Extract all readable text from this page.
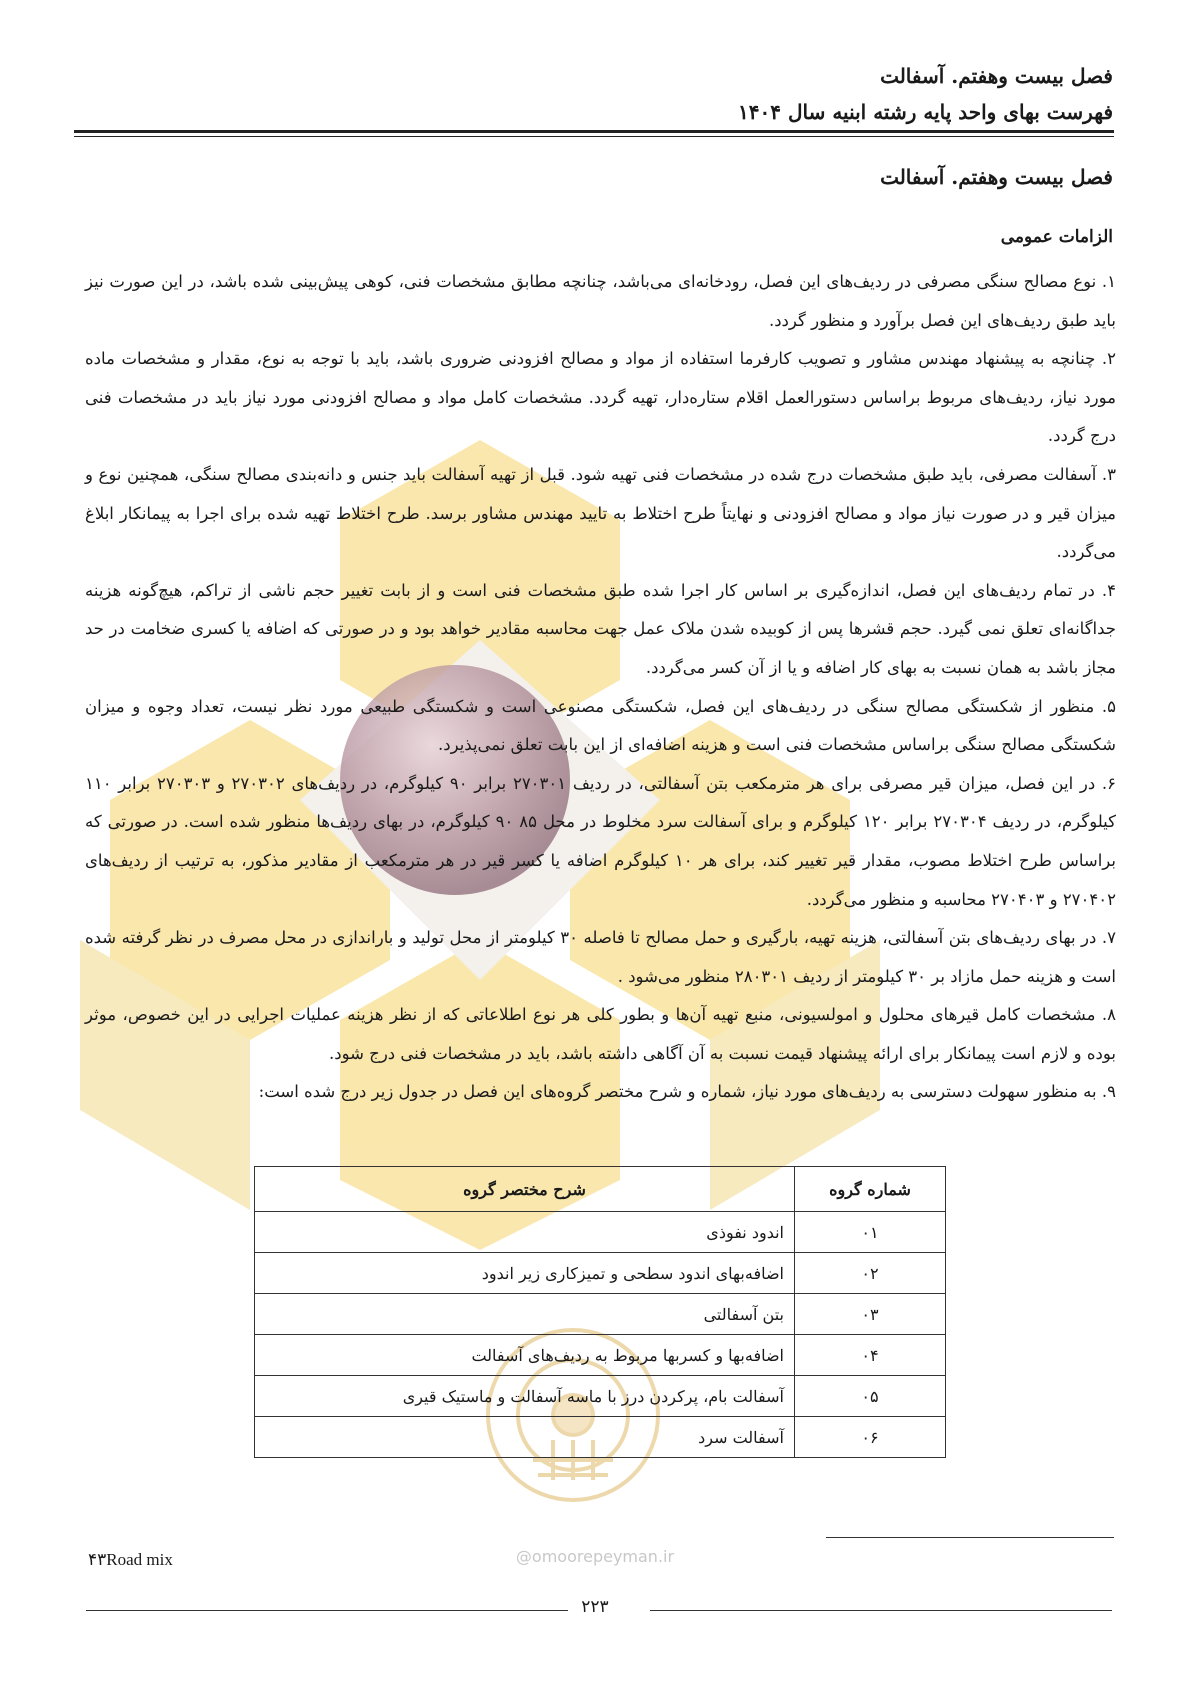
@omoorepeyman.ir
فصل بیست وهفتم. آسفالت
فهرست بهای واحد پایه رشته ابنیه سال ۱۴۰۴
فصل بیست وهفتم. آسفالت
الزامات عمومی

۱. نوع مصالح سنگی مصرفی در ردیف‌های این فصل، رودخانه‌ای می‌باشد، چنانچه مطابق مشخصات فنی، کوهی پیش‌بینی شده باشد، در این صورت نیز باید طبق ردیف‌های این فصل برآورد و منظور گردد.

۲. چنانچه به پیشنهاد مهندس مشاور و تصویب کارفرما استفاده از مواد و مصالح افزودنی ضروری باشد، باید با توجه به نوع، مقدار و مشخصات ماده مورد نیاز، ردیف‌های مربوط براساس دستورالعمل اقلام ستاره‌دار، تهیه گردد. مشخصات کامل مواد و مصالح افزودنی مورد نیاز باید در مشخصات فنی درج گردد.

۳. آسفالت مصرفی، باید طبق مشخصات درج شده در مشخصات فنی تهیه شود. قبل از تهیه آسفالت باید جنس و دانه‌بندی مصالح سنگی، همچنین نوع و میزان قیر و در صورت نیاز مواد و مصالح افزودنی و نهایتاً طرح اختلاط به تایید مهندس مشاور برسد. طرح اختلاط تهیه شده برای اجرا به پیمانکار ابلاغ می‌گردد.

۴. در تمام ردیف‌های این فصل، اندازه‌گیری بر اساس کار اجرا شده طبق مشخصات فنی است و از بابت تغییر حجم ناشی از تراکم، هیچ‌گونه هزینه جداگانه‌ای تعلق نمی گیرد. حجم قشرها پس از کوبیده شدن ملاک عمل جهت محاسبه مقادیر خواهد بود و در صورتی که اضافه یا کسری ضخامت در حد مجاز باشد به همان نسبت به بهای کار اضافه و یا از آن کسر می‌گردد.

۵. منظور از شکستگی مصالح سنگی در ردیف‌های این فصل، شکستگی مصنوعی است و شکستگی طبیعی مورد نظر نیست، تعداد وجوه و میزان شکستگی مصالح سنگی براساس مشخصات فنی است و هزینه اضافه‌ای از این بابت تعلق نمی‌پذیرد.

۶. در این فصل، میزان قیر مصرفی برای هر مترمکعب بتن آسفالتی، در ردیف ۲۷۰۳۰۱ برابر ۹۰ کیلوگرم، در ردیف‌های ۲۷۰۳۰۲ و ۲۷۰۳۰۳ برابر ۱۱۰ کیلوگرم، در ردیف ۲۷۰۳۰۴ برابر ۱۲۰ کیلوگرم و برای آسفالت سرد مخلوط در محل ۸۵ ۹۰ کیلوگرم، در بهای ردیف‌ها منظور شده است. در صورتی که براساس طرح اختلاط مصوب، مقدار قیر تغییر کند، برای هر ۱۰ کیلوگرم اضافه یا کسر قیر در هر مترمکعب از مقادیر مذکور، به ترتیب از ردیف‌های ۲۷۰۴۰۲ و ۲۷۰۴۰۳ محاسبه و منظور می‌گردد.

۷. در بهای ردیف‌های بتن آسفالتی، هزینه تهیه، بارگیری و حمل مصالح تا فاصله ۳۰ کیلومتر از محل تولید و باراندازی در محل مصرف در نظر گرفته شده است و هزینه حمل مازاد بر ۳۰ کیلومتر از ردیف ۲۸۰۳۰۱ منظور می‌شود .

۸. مشخصات کامل قیرهای محلول و امولسیونی، منبع تهیه آن‌ها و بطور کلی هر نوع اطلاعاتی که از نظر هزینه عملیات اجرایی در این خصوص، موثر بوده و لازم است پیمانکار برای ارائه پیشنهاد قیمت نسبت به آن آگاهی داشته باشد، باید در مشخصات فنی درج شود.

۹. به منظور سهولت دسترسی به ردیف‌های مورد نیاز، شماره و شرح مختصر گروه‌های این فصل در جدول زیر درج شده است:

شماره گروه	شرح مختصر گروه
۰۱	اندود نفوذی
۰۲	اضافه‌بهای اندود سطحی و تمیزکاری زیر اندود
۰۳	بتن آسفالتی
۰۴	اضافه‌بها و کسربها مربوط به ردیف‌های آسفالت
۰۵	آسفالت بام، پرکردن درز با ماسه آسفالت و ماستیک قیری
۰۶	آسفالت سرد
۴۳Road mix
۲۲۳
